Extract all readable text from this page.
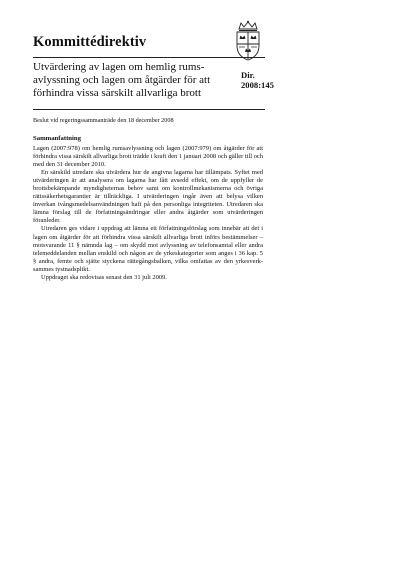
Kommittédirektiv
Utvärdering av lagen om hemlig rums-
avlyssning och lagen om åtgärder för att
förhindra vissa särskilt allvarliga brott
Dir.
2008:145
Beslut vid regeringssammanträde den 18 december 2008
Sammanfattning

Lagen (2007:978) om hemlig rumsavlyssning och lagen (2007:979) om åtgärder för att förhindra vissa särskilt allvarliga brott trädde i kraft den 1 januari 2008 och gäller till och med den 31 december 2010.

En särskild utredare ska utvärdera hur de angivna lagarna har tillämpats. Syftet med utvärderingen är att analysera om lagarna har fått avsedd effekt, om de uppfyller de brottsbekämpande myndigheternas behov samt om kontrollmekanismerna och övriga rättssäkerhetsgarantier är tillräckliga. I utvärderingen ingår även att belysa vilken inverkan tvångsmedelsanvändningen haft på den personliga integriteten. Utredaren ska lämna förslag till de författningsändringar eller andra åtgärder som utvärderingen föranleder.

Utredaren ges vidare i uppdrag att lämna ett författningsförslag som innebär att det i lagen om åtgärder för att förhindra vissa särskilt allvarliga brott införs bestämmelser – motsvarande 11 § nämnda lag – om skydd mot avlyssning av telefonsamtal eller andra telemeddelanden mellan enskild och någon av de yrkeskategorier som anges i 36 kap. 5 § andra, femte och sjätte styckena rättegångsbalken, vilka omfattas av den yrkesverksammes tystnadsplikt.

Uppdraget ska redovisas senast den 31 juli 2009.
